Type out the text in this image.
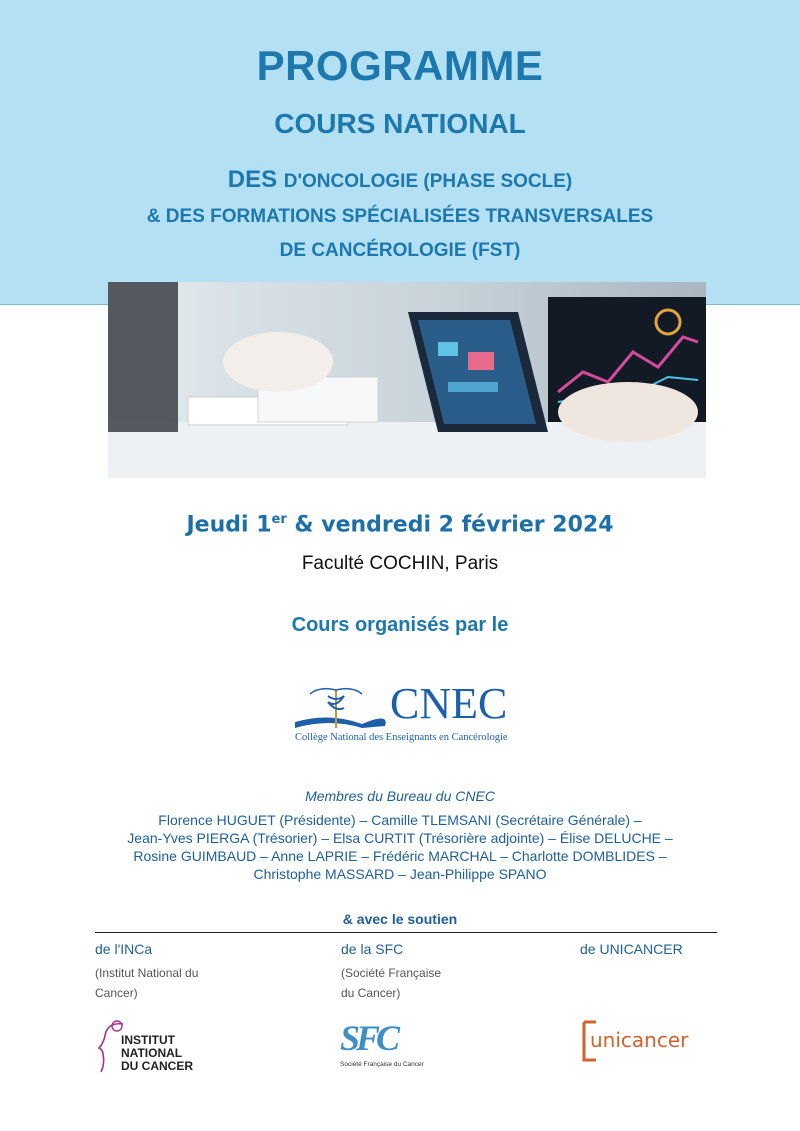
PROGRAMME
COURS NATIONAL
DES D'ONCOLOGIE (PHASE SOCLE)
& DES FORMATIONS SPÉCIALISÉES TRANSVERSALES
DE CANCÉROLOGIE (FST)
Jeudi 1er & vendredi 2 février 2024
Faculté COCHIN, Paris
Cours organisés par le
CNEC
Collège National des Enseignants en Cancérologie
Membres du Bureau du CNEC
Florence HUGUET (Présidente) – Camille TLEMSANI (Secrétaire Générale) –
Jean-Yves PIERGA (Trésorier) – Elsa CURTIT (Trésorière adjointe) – Élise DELUCHE –
Rosine GUIMBAUD – Anne LAPRIE – Frédéric MARCHAL – Charlotte DOMBLIDES –
Christophe MASSARD – Jean-Philippe SPANO
& avec le soutien
de l'INCa
(Institut National du
Cancer)
de la SFC
(Société Française
du Cancer)
de UNICANCER
INSTITUT
NATIONAL
DU CANCER
SFC
Société Française du Cancer
unicancer
